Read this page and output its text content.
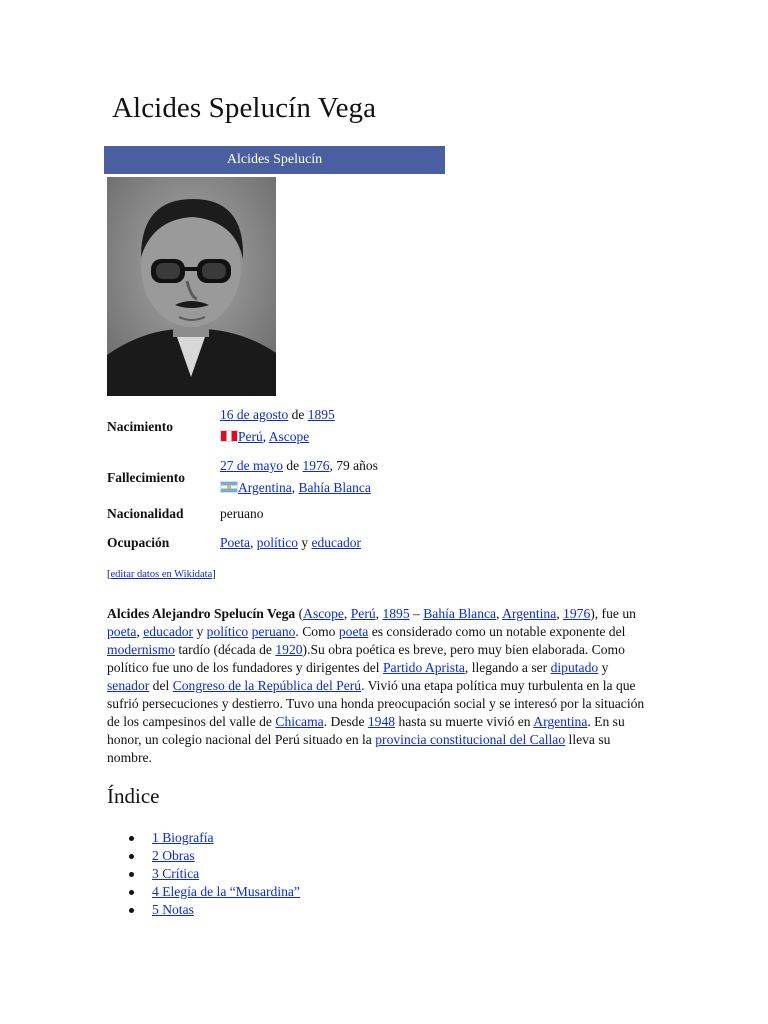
Alcides Spelucín Vega
Alcides Spelucín
Nacimiento
16 de agosto de 1895
Perú, Ascope
Fallecimiento
27 de mayo de 1976, 79 años
Argentina, Bahía Blanca
Nacionalidad	peruano
Ocupación	Poeta, político y educador
[editar datos en Wikidata]

Alcides Alejandro Spelucín Vega (Ascope, Perú, 1895 – Bahía Blanca, Argentina, 1976), fue un poeta, educador y político peruano. Como poeta es considerado como un notable exponente del modernismo tardío (década de 1920).Su obra poética es breve, pero muy bien elaborada. Como político fue uno de los fundadores y dirigentes del Partido Aprista, llegando a ser diputado y senador del Congreso de la República del Perú. Vivió una etapa política muy turbulenta en la que sufrió persecuciones y destierro. Tuvo una honda preocupación social y se interesó por la situación de los campesinos del valle de Chicama. Desde 1948 hasta su muerte vivió en Argentina. En su honor, un colegio nacional del Perú situado en la provincia constitucional del Callao lleva su nombre.

Índice
1 Biografía
2 Obras
3 Crítica
4 Elegía de la “Musardina”
5 Notas
